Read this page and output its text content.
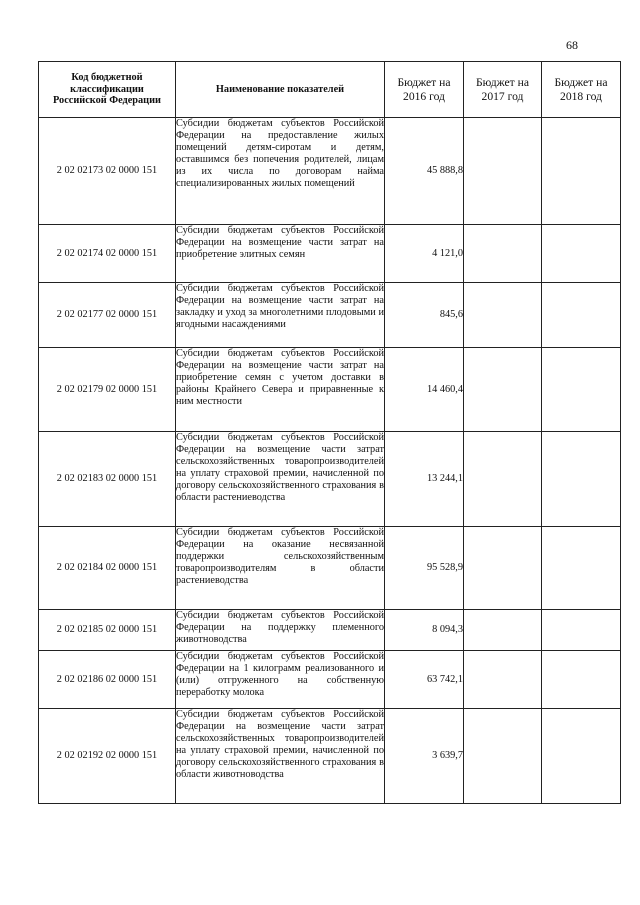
68
Код бюджетной классификации Российской Федерации	Наименование показателей	Бюджет на 2016 год	Бюджет на 2017 год	Бюджет на 2018 год
2 02 02173 02 0000 151	Субсидии бюджетам субъектов Российской Федерации на предоставление жилых помещений детям-сиротам и детям, оставшимся без попечения родителей, лицам из их числа по договорам найма специализированных жилых помещений	45 888,8		
2 02 02174 02 0000 151	Субсидии бюджетам субъектов Российской Федерации на возмещение части затрат на приобретение элитных семян	4 121,0		
2 02 02177 02 0000 151	Субсидии бюджетам субъектов Российской Федерации на возмещение части затрат на закладку и уход за многолетними плодовыми и ягодными насаждениями	845,6		
2 02 02179 02 0000 151	Субсидии бюджетам субъектов Российской Федерации на возмещение части затрат на приобретение семян с учетом доставки в районы Крайнего Севера и приравненные к ним местности	14 460,4		
2 02 02183 02 0000 151	Субсидии бюджетам субъектов Российской Федерации на возмещение части затрат сельскохозяйственных товаропроизводителей на уплату страховой премии, начисленной по договору сельскохозяйственного страхования в области растениеводства	13 244,1		
2 02 02184 02 0000 151	Субсидии бюджетам субъектов Российской Федерации на оказание несвязанной поддержки сельскохозяйственным товаропроизводителям в области растениеводства	95 528,9		
2 02 02185 02 0000 151	Субсидии бюджетам субъектов Российской Федерации на поддержку племенного животноводства	8 094,3		
2 02 02186 02 0000 151	Субсидии бюджетам субъектов Российской Федерации на 1 килограмм реализованного и (или) отгруженного на собственную переработку молока	63 742,1		
2 02 02192 02 0000 151	Субсидии бюджетам субъектов Российской Федерации на возмещение части затрат сельскохозяйственных товаропроизводителей на уплату страховой премии, начисленной по договору сельскохозяйственного страхования в области животноводства	3 639,7		
